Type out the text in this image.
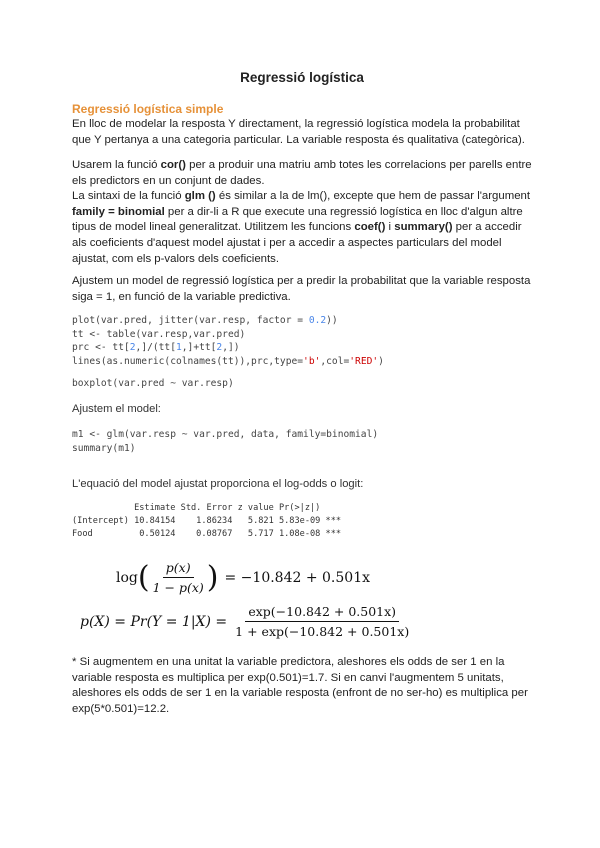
Regressió logística
Regressió logística simple

En lloc de modelar la resposta Y directament, la regressió logística modela la probabilitat que Y pertanya a una categoria particular. La variable resposta és qualitativa (categòrica).

Usarem la funció cor() per a produir una matriu amb totes les correlacions per parells entre els predictors en un conjunt de dades.
La sintaxi de la funció glm () és similar a la de lm(), excepte que hem de passar l'argument family = binomial per a dir-li a R que execute una regressió logística en lloc d'algun altre tipus de model lineal generalitzat. Utilitzem les funcions coef() i summary() per a accedir als coeficients d'aquest model ajustat i per a accedir a aspectes particulars del model ajustat, com els p-valors dels coeficients.

Ajustem un model de regressió logística per a predir la probabilitat que la variable resposta siga = 1, en funció de la variable predictiva.

plot(var.pred, jitter(var.resp, factor = 0.2))
tt <- table(var.resp,var.pred)
prc <- tt[2,]/(tt[1,]+tt[2,])
lines(as.numeric(colnames(tt)),prc,type='b',col='RED')
boxplot(var.pred ~ var.resp)
Ajustem el model:
m1 <- glm(var.resp ~ var.pred, data, family=binomial)
summary(m1)
L'equació del model ajustat proporciona el log-odds o logit:
Estimate Std. Error z value Pr(>|z|)
(Intercept) 10.84154    1.86234   5.821 5.83e-09 ***
Food         0.50124    0.08767   5.717 1.08e-08 ***
log ( $\frac{p(x)}{1 - p(x)}$ ) = −10.842 + 0.501x
$p(X) = Pr(Y = 1|X) = \frac{\exp(-10.842 + 0.501x)}{1 + \exp(-10.842 + 0.501x)}$

* Si augmentem en una unitat la variable predictora, aleshores els odds de ser 1 en la variable resposta es multiplica per exp(0.501)=1.7. Si en canvi l'augmentem 5 unitats, aleshores els odds de ser 1 en la variable resposta (enfront de no ser-ho) es multiplica per exp(5*0.501)=12.2.
